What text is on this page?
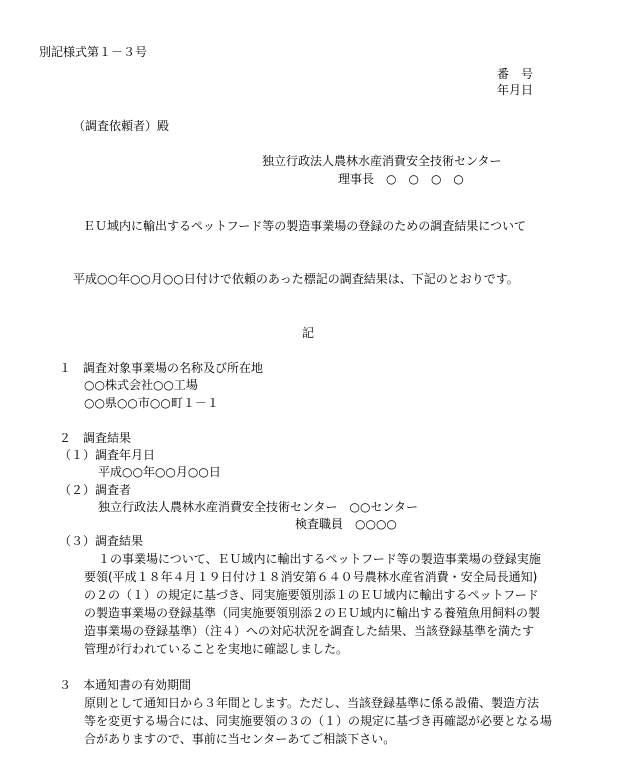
別記様式第１－３号
番　号
年月日
（調査依頼者）殿
独立行政法人農林水産消費安全技術センター
理事長　○　○　○　○
ＥＵ域内に輸出するペットフード等の製造事業場の登録のための調査結果について
平成○○年○○月○○日付けで依頼のあった標記の調査結果は、下記のとおりです。
記
１　調査対象事業場の名称及び所在地
○○株式会社○○工場
○○県○○市○○町１－１
２　調査結果
（１）調査年月日
平成○○年○○月○○日
（２）調査者
独立行政法人農林水産消費安全技術センター　○○センター
検査職員　○○○○
（３）調査結果
１の事業場について、ＥＵ域内に輸出するペットフード等の製造事業場の登録実施
要領(平成１８年４月１９日付け１８消安第６４０号農林水産省消費・安全局長通知)
の２の（１）の規定に基づき、同実施要領別添１のＥＵ域内に輸出するペットフード
の製造事業場の登録基準（同実施要領別添２のＥＵ域内に輸出する養殖魚用飼料の製
造事業場の登録基準）（注４）への対応状況を調査した結果、当該登録基準を満たす
管理が行われていることを実地に確認しました。
３　本通知書の有効期間
原則として通知日から３年間とします。ただし、当該登録基準に係る設備、製造方法
等を変更する場合には、同実施要領の３の（１）の規定に基づき再確認が必要となる場
合がありますので、事前に当センターあてご相談下さい。
